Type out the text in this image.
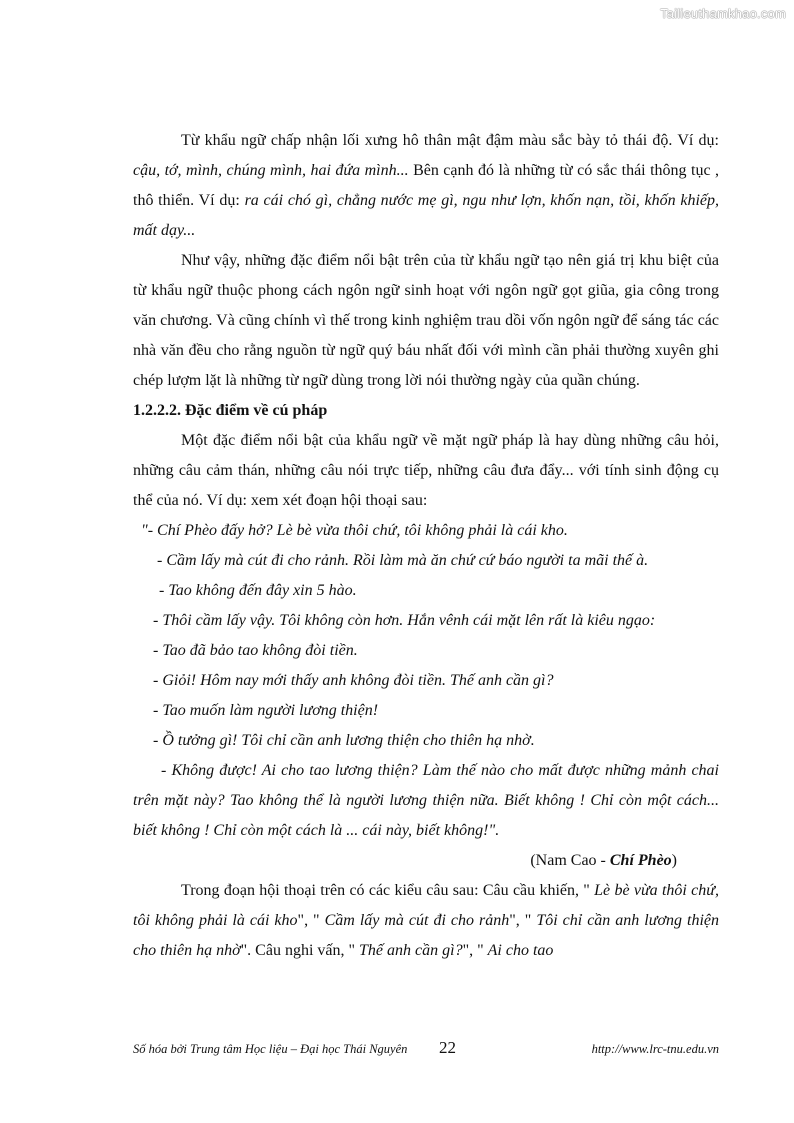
Tailieuthamkhao.com

Từ khẩu ngữ chấp nhận lối xưng hô thân mật đậm màu sắc bày tỏ thái độ. Ví dụ: cậu, tớ, mình, chúng mình, hai đứa mình... Bên cạnh đó là những từ có sắc thái thông tục , thô thiển. Ví dụ: ra cái chó gì, chẳng nước mẹ gì, ngu như lợn, khốn nạn, tồi, khốn khiếp, mất dạy...

Như vậy, những đặc điểm nổi bật trên của từ khẩu ngữ tạo nên giá trị khu biệt của từ khẩu ngữ thuộc phong cách ngôn ngữ sinh hoạt với ngôn ngữ gọt giũa, gia công trong văn chương. Và cũng chính vì thế trong kinh nghiệm trau dồi vốn ngôn ngữ để sáng tác các nhà văn đều cho rằng nguồn từ ngữ quý báu nhất đối với mình cần phải thường xuyên ghi chép lượm lặt là những từ ngữ dùng trong lời nói thường ngày của quần chúng.

1.2.2.2. Đặc điểm về cú pháp

Một đặc điểm nổi bật của khẩu ngữ về mặt ngữ pháp là hay dùng những câu hỏi, những câu cảm thán, những câu nói trực tiếp, những câu đưa đẩy... với tính sinh động cụ thể của nó. Ví dụ: xem xét đoạn hội thoại sau:

"- Chí Phèo đấy hở? Lè bè vừa thôi chứ, tôi không phải là cái kho.

- Cầm lấy mà cút đi cho rảnh. Rồi làm mà ăn chứ cứ báo người ta mãi thế à.

- Tao không đến đây xin 5 hào.

- Thôi cầm lấy vậy. Tôi không còn hơn. Hắn vênh cái mặt lên rất là kiêu ngạo:

- Tao đã bảo tao không đòi tiền.

- Giỏi! Hôm nay mới thấy anh không đòi tiền. Thế anh cần gì?

- Tao muốn làm người lương thiện!

- Ồ tưởng gì! Tôi chỉ cần anh lương thiện cho thiên hạ nhờ.

- Không được! Ai cho tao lương thiện? Làm thế nào cho mất được những mảnh chai trên mặt này? Tao không thể là người lương thiện nữa. Biết không ! Chỉ còn một cách... biết không ! Chỉ còn một cách là ... cái này, biết không!".

(Nam Cao - Chí Phèo)

Trong đoạn hội thoại trên có các kiểu câu sau: Câu cầu khiến, " Lè bè vừa thôi chứ, tôi không phải là cái kho", " Cầm lấy mà cút đi cho rảnh", " Tôi chỉ cần anh lương thiện cho thiên hạ nhờ". Câu nghi vấn, " Thế anh cần gì?", " Ai cho tao

Số hóa bởi Trung tâm Học liệu – Đại học Thái Nguyên 22	http://www.lrc-tnu.edu.vn
